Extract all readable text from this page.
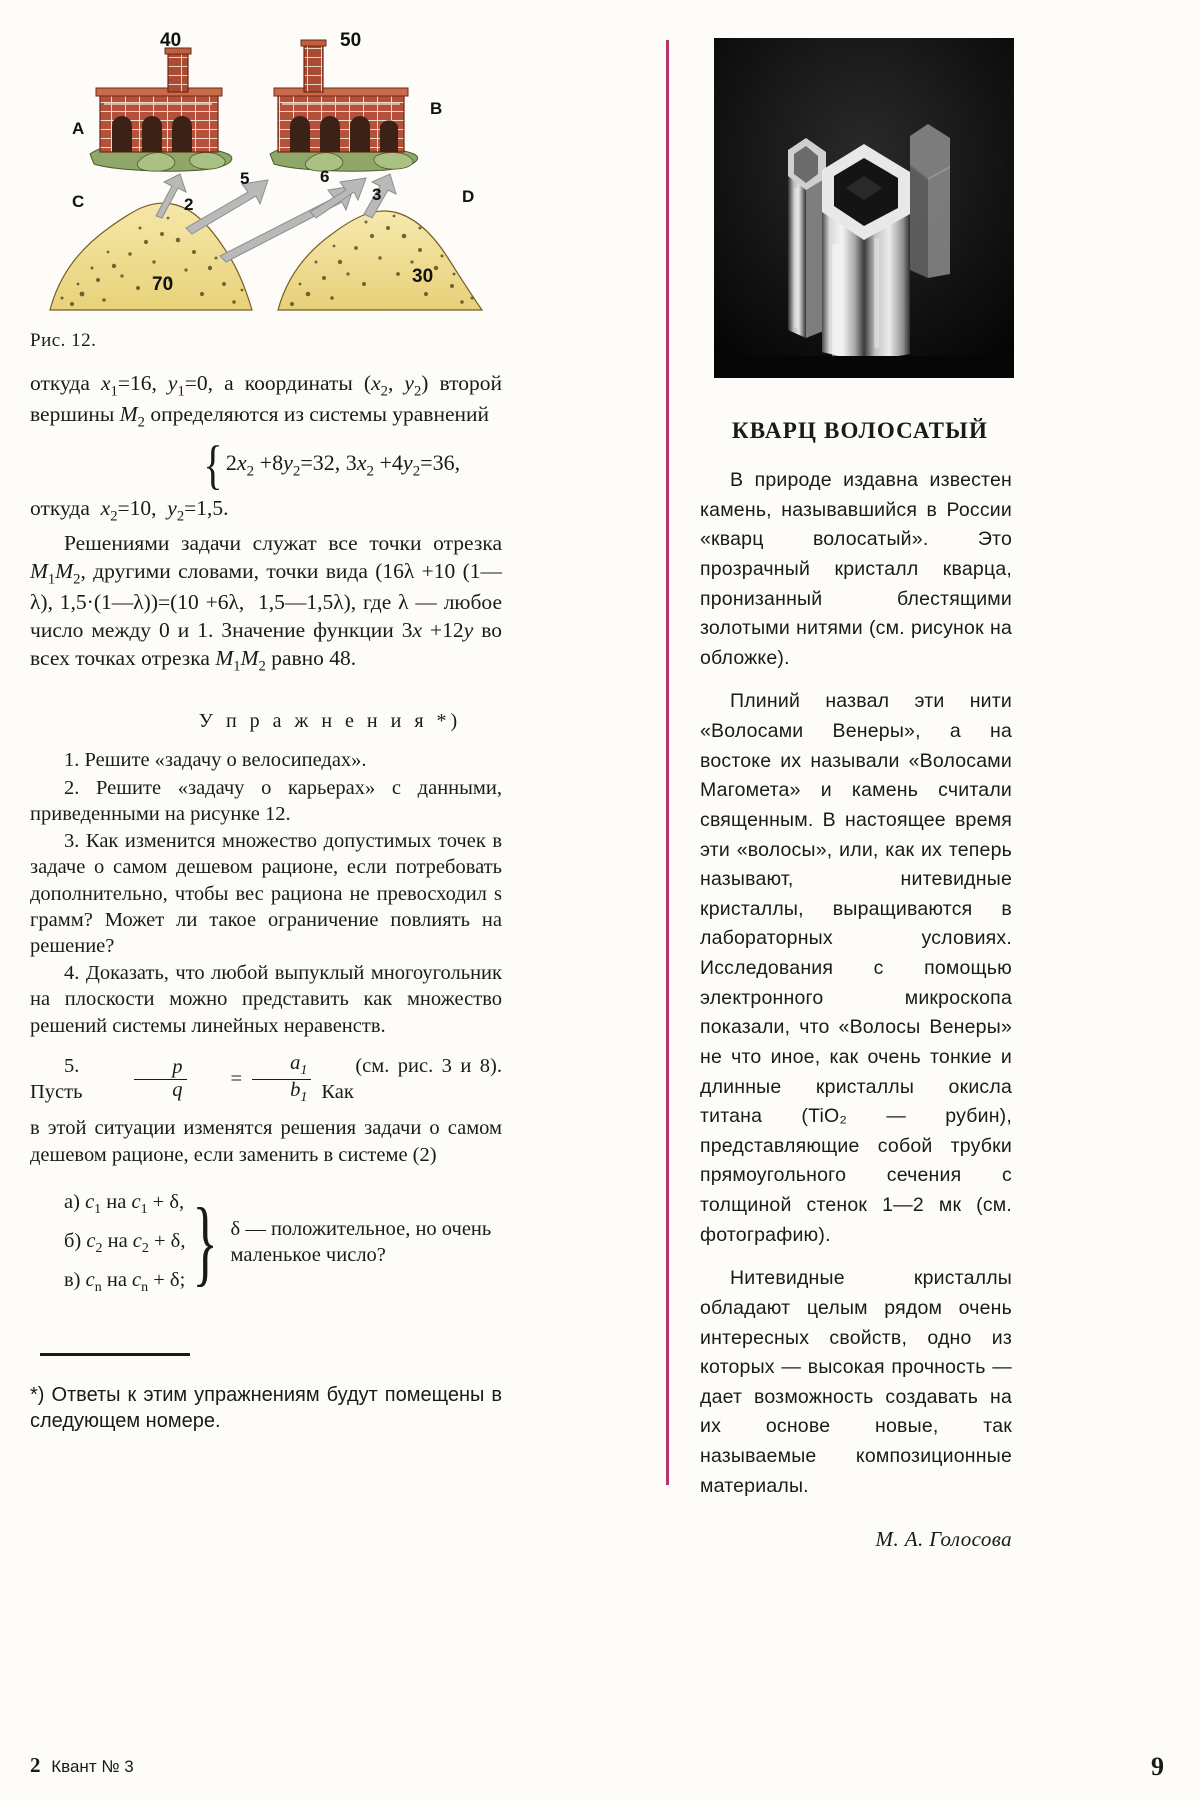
A
40
B
50
2
5	6
3
70	30
C	D
Рис. 12.
откуда $x_1=16$, $y_1=0$, а координаты ($x_2$, $y_2$) второй вершины $M_2$ определяются из системы уравнений
{ $2x_2 +8y_2=32$, $3x_2 +4y_2=36$,
откуда  $x_2=10$,  $y_2=1,5$.
Решениями задачи служат все точки отрезка $M_1M_2$, другими словами, точки вида (16λ +10 (1—λ), 1,5·(1—λ))=(10 +6λ,  1,5—1,5λ), где λ — любое число между 0 и 1. Значение функции 3x +12y во всех точках отрезка $M_1M_2$ равно 48.
У п р а ж н е н и я *)
1. Решите «задачу о велосипедах».
2. Решите «задачу о карьерах» с данными, приведенными на рисунке 12.
3. Как изменится множество допустимых точек в задаче о самом дешевом рационе, если потребовать дополнительно, чтобы вес рациона не превосходил s грамм? Может ли такое ограничение повлиять на решение?
4. Доказать, что любой выпуклый многоугольник на плоскости можно представить как множество решений системы линейных неравенств.
5. Пусть	$\frac{p}{q}$	= $\frac{a_1}{b_1}$	(см. рис. 3 и 8). Как
в этой ситуации изменятся решения задачи о самом дешевом рационе, если заменить в системе (2)
а) $c_1$ на $c_1 + \delta$,
б) $c_2$ на $c_2 + \delta$,
в) $c_n$ на $c_n + \delta$; } δ — положительное, но очень маленькое число?
*) Ответы к этим упражнениям будут помещены в следующем номере.
КВАРЦ ВОЛОСАТЫЙ
В природе издавна известен камень, называвшийся в России «кварц волосатый». Это прозрачный кристалл кварца, пронизанный блестящими золотыми нитями (см. рисунок на обложке).
Плиний назвал эти нити «Волосами Венеры», а на востоке их называли «Волосами Магомета» и камень считали священным. В настоящее время эти «волосы», или, как их теперь называют, нитевидные кристаллы, выращиваются в лабораторных условиях. Исследования с помощью электронного микроскопа показали, что «Волосы Венеры» не что иное, как очень тонкие и длинные кристаллы окисла титана (TiO₂ — рубин), представляющие собой трубки прямоугольного сечения с толщиной стенок 1—2 мк (см. фотографию).
Нитевидные кристаллы обладают целым рядом очень интересных свойств, одно из которых — высокая прочность — дает возможность создавать на их основе новые, так называемые композиционные материалы.
М. А. Голосова
2 Квант № 3	9
